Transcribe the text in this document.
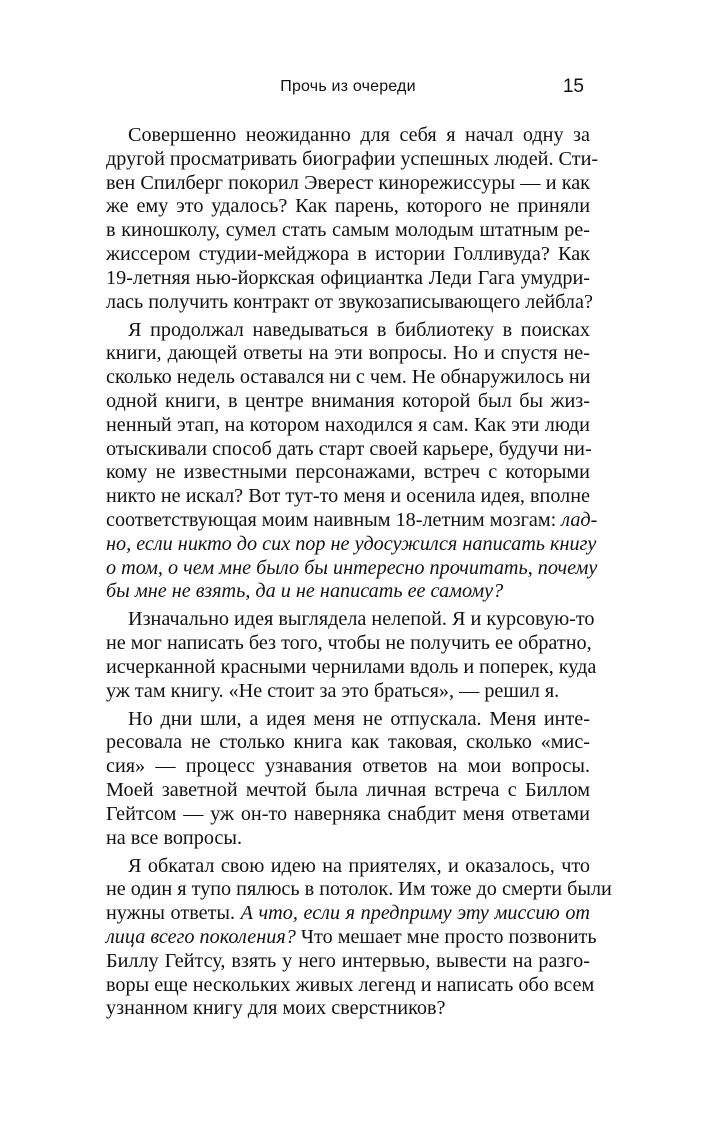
Прочь из очереди	15

Совершенно неожиданно для себя я начал одну за
другой просматривать биографии успешных людей. Сти-
вен Спилберг покорил Эверест кинорежиссуры — и как
же ему это удалось? Как парень, которого не приняли
в киношколу, сумел стать самым молодым штатным ре-
жиссером студии-мейджора в истории Голливуда? Как
19-летняя нью-йоркская официантка Леди Гага умудри-
лась получить контракт от звукозаписывающего лейбла?

Я продолжал наведываться в библиотеку в поисках
книги, дающей ответы на эти вопросы. Но и спустя не-
сколько недель оставался ни с чем. Не обнаружилось ни
одной книги, в центре внимания которой был бы жиз-
ненный этап, на котором находился я сам. Как эти люди
отыскивали способ дать старт своей карьере, будучи ни-
кому не известными персонажами, встреч с которыми
никто не искал? Вот тут-то меня и осенила идея, вполне
соответствующая моим наивным 18-летним мозгам: лад-
но, если никто до сих пор не удосужился написать книгу
о том, о чем мне было бы интересно прочитать, почему
бы мне не взять, да и не написать ее самому?

Изначально идея выглядела нелепой. Я и курсовую-то
не мог написать без того, чтобы не получить ее обратно,
исчерканной красными чернилами вдоль и поперек, куда
уж там книгу. «Не стоит за это браться», — решил я.

Но дни шли, а идея меня не отпускала. Меня инте-
ресовала не столько книга как таковая, сколько «мис-
сия» — процесс узнавания ответов на мои вопросы.
Моей заветной мечтой была личная встреча с Биллом
Гейтсом — уж он-то наверняка снабдит меня ответами
на все вопросы.

Я обкатал свою идею на приятелях, и оказалось, что
не один я тупо пялюсь в потолок. Им тоже до смерти были
нужны ответы. А что, если я предприму эту миссию от
лица всего поколения? Что мешает мне просто позвонить
Биллу Гейтсу, взять у него интервью, вывести на разго-
воры еще нескольких живых легенд и написать обо всем
узнанном книгу для моих сверстников?
